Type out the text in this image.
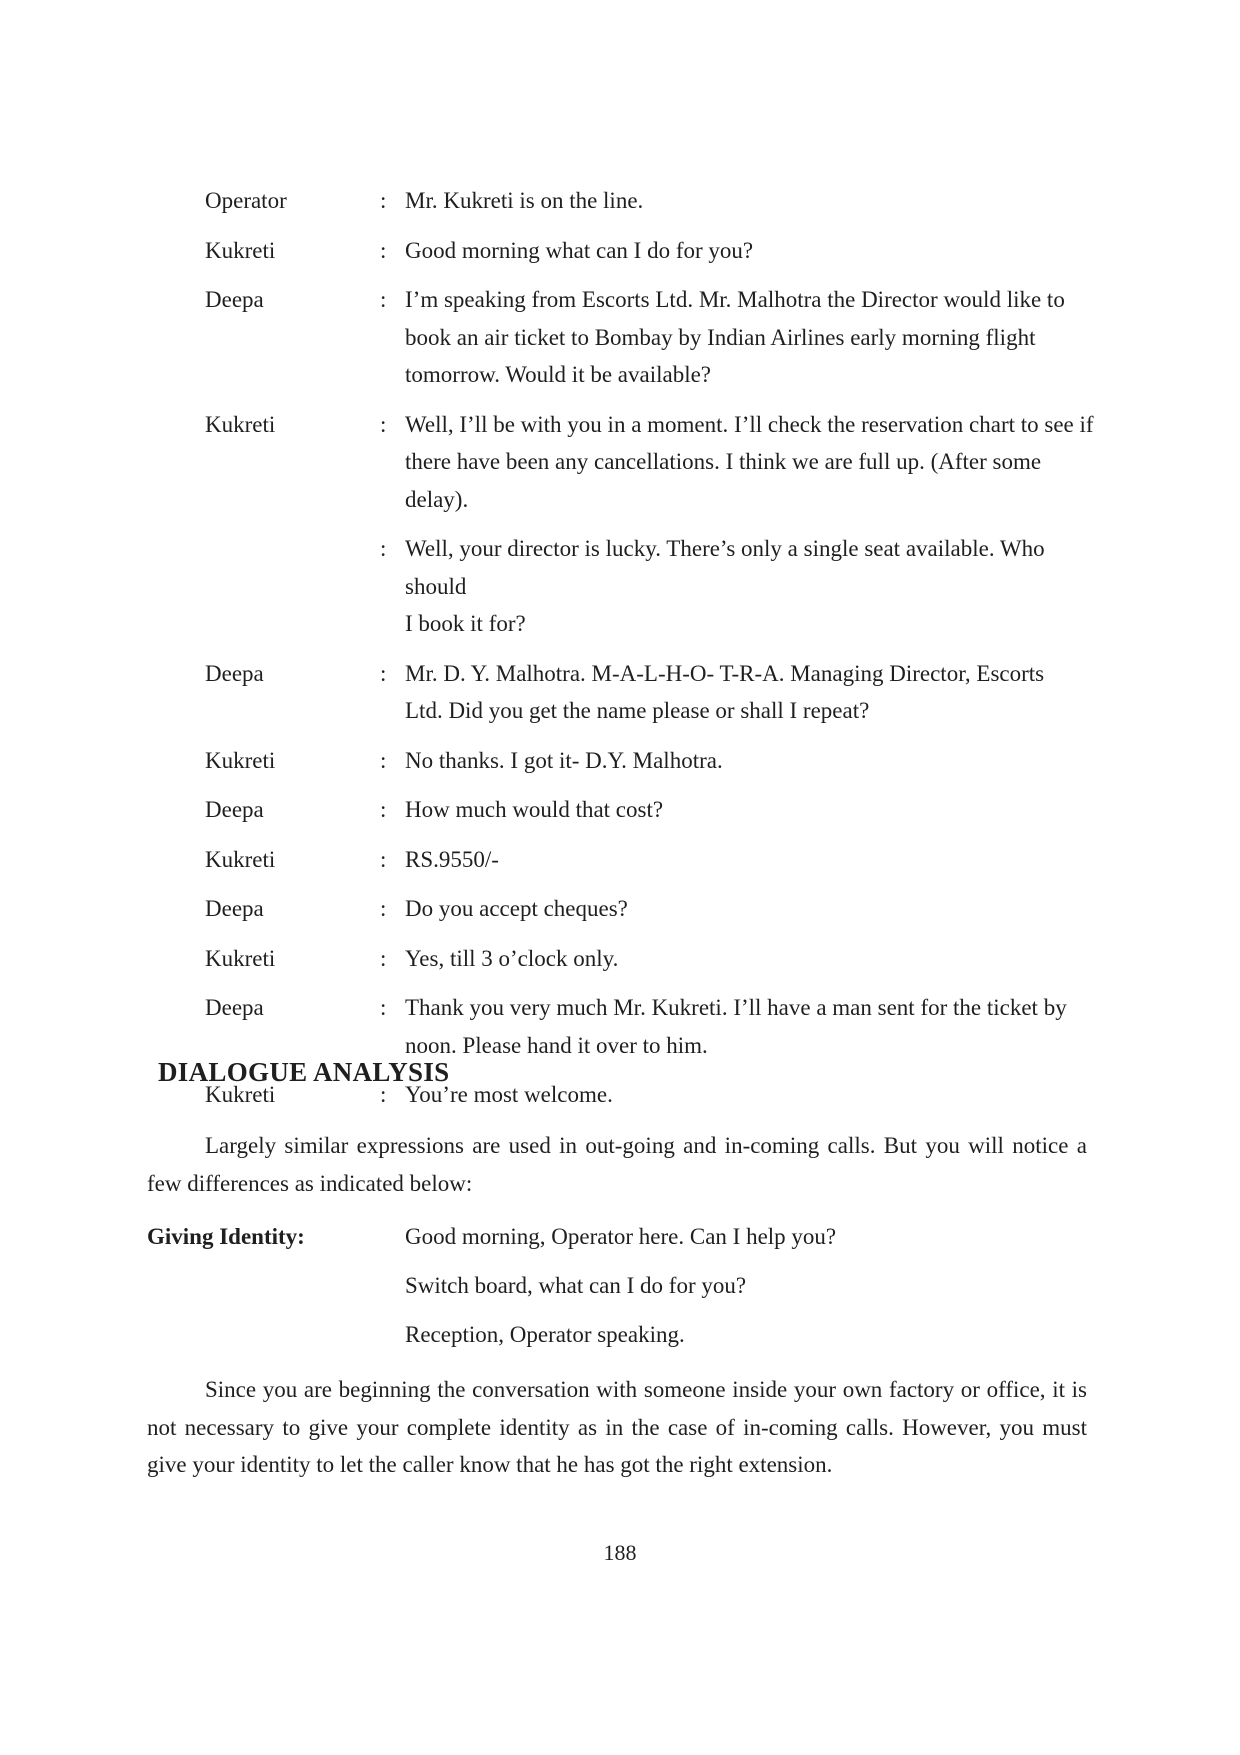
Operator	: Mr. Kukreti is on the line.
Kukreti	: Good morning what can I do for you?
Deepa	: I’m speaking from Escorts Ltd. Mr. Malhotra the Director would like to
book an air ticket to Bombay by Indian Airlines early morning flight
tomorrow. Would it be available?
Kukreti	: Well, I’ll be with you in a moment. I’ll check the reservation chart to see if
there have been any cancellations. I think we are full up. (After some delay).
: Well, your director is lucky. There’s only a single seat available. Who should
I book it for?
Deepa	: Mr. D. Y. Malhotra. M-A-L-H-O- T-R-A. Managing Director, Escorts
Ltd. Did you get the name please or shall I repeat?
Kukreti	: No thanks. I got it- D.Y. Malhotra.
Deepa	: How much would that cost?
Kukreti	: RS.9550/-
Deepa	: Do you accept cheques?
Kukreti	: Yes, till 3 o’clock only.
Deepa	: Thank you very much Mr. Kukreti. I’ll have a man sent for the ticket by
noon. Please hand it over to him.
Kukreti	: You’re most welcome.
DIALOGUE ANALYSIS

Largely similar expressions are used in out-going and in-coming calls. But you will notice a few differences as indicated below:

Giving Identity:	Good morning, Operator here. Can I help you?
Switch board, what can I do for you?
Reception, Operator speaking.

Since you are beginning the conversation with someone inside your own factory or office, it is not necessary to give your complete identity as in the case of in-coming calls. However, you must give your identity to let the caller know that he has got the right extension.

188
